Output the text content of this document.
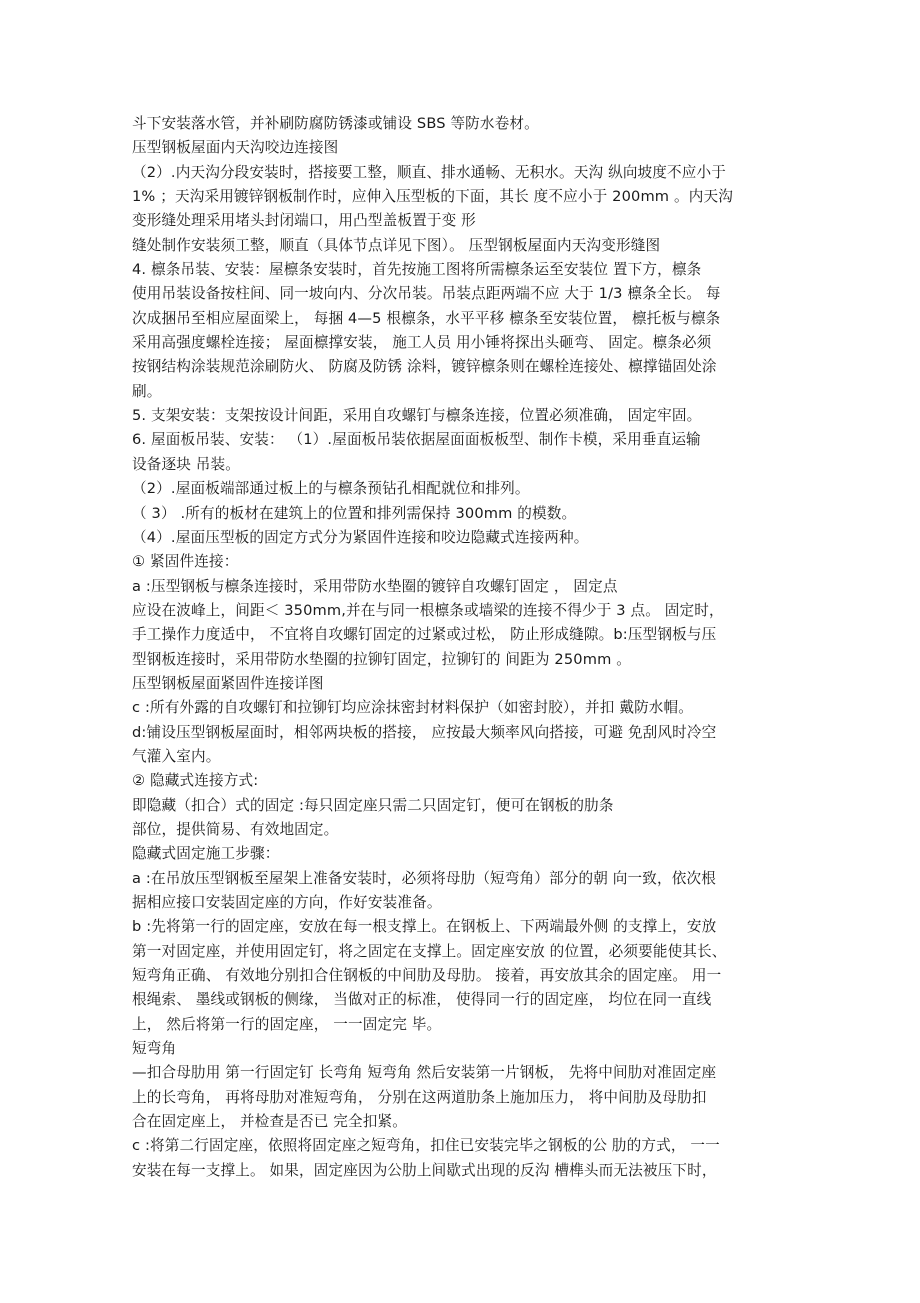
斗下安装落水管，并补刷防腐防锈漆或铺设 SBS 等防水卷材。
压型钢板屋面内天沟咬边连接图
（2）.内天沟分段安装时，搭接要工整，顺直、排水通畅、无积水。天沟 纵向坡度不应小于
1% ；天沟采用镀锌钢板制作时，应伸入压型板的下面，其长 度不应小于 200mm 。内天沟
变形缝处理采用堵头封闭端口，用凸型盖板置于变 形
缝处制作安装须工整，顺直（具体节点详见下图）。 压型钢板屋面内天沟变形缝图
4. 檩条吊装、安装：屋檩条安装时，首先按施工图将所需檩条运至安装位 置下方，檩条
使用吊装设备按柱间、同一坡向内、分次吊装。吊装点距两端不应 大于 1/3 檩条全长。 每
次成捆吊至相应屋面梁上， 每捆 4—5 根檩条，水平平移 檩条至安装位置， 檩托板与檩条
采用高强度螺栓连接； 屋面檩撑安装， 施工人员 用小锤将探出头砸弯、 固定。檩条必须
按钢结构涂装规范涂刷防火、 防腐及防锈 涂料，镀锌檩条则在螺栓连接处、檩撑锚固处涂
刷。
5. 支架安装：支架按设计间距，采用自攻螺钉与檩条连接，位置必须准确， 固定牢固。
6. 屋面板吊装、安装： （1）.屋面板吊装依据屋面面板板型、制作卡模，采用垂直运输
设备逐块 吊装。
（2）.屋面板端部通过板上的与檩条预钻孔相配就位和排列。
（ 3） .所有的板材在建筑上的位置和排列需保持 300mm 的模数。
（4）.屋面压型板的固定方式分为紧固件连接和咬边隐藏式连接两种。
① 紧固件连接：
a :压型钢板与檩条连接时，采用带防水垫圈的镀锌自攻螺钉固定 ， 固定点
应设在波峰上，间距＜ 350mm,并在与同一根檩条或墙梁的连接不得少于 3 点。 固定时，
手工操作力度适中， 不宜将自攻螺钉固定的过紧或过松， 防止形成缝隙。b:压型钢板与压
型钢板连接时，采用带防水垫圈的拉铆钉固定，拉铆钉的 间距为 250mm 。
压型钢板屋面紧固件连接详图
c :所有外露的自攻螺钉和拉铆钉均应涂抹密封材料保护（如密封胶），并扣 戴防水帽。
d:铺设压型钢板屋面时，相邻两块板的搭接， 应按最大频率风向搭接，可避 免刮风时冷空
气灌入室内。
② 隐藏式连接方式:
即隐藏（扣合）式的固定 :每只固定座只需二只固定钉，便可在钢板的肋条
部位，提供简易、有效地固定。
隐藏式固定施工步骤：
a :在吊放压型钢板至屋架上准备安装时，必须将母肋（短弯角）部分的朝 向一致，依次根
据相应接口安装固定座的方向，作好安装准备。
b :先将第一行的固定座，安放在每一根支撑上。在钢板上、下两端最外侧 的支撑上，安放
第一对固定座，并使用固定钉，将之固定在支撑上。固定座安放 的位置，必须要能使其长、
短弯角正确、 有效地分别扣合住钢板的中间肋及母肋。 接着，再安放其余的固定座。 用一
根绳索、 墨线或钢板的侧缘， 当做对正的标准， 使得同一行的固定座， 均位在同一直线
上， 然后将第一行的固定座， 一一固定完 毕。
短弯角
—扣合母肋用 第一行固定钉 长弯角 短弯角 然后安装第一片钢板， 先将中间肋对准固定座
上的长弯角， 再将母肋对准短弯角， 分别在这两道肋条上施加压力， 将中间肋及母肋扣
合在固定座上， 并检查是否已 完全扣紧。
c :将第二行固定座，依照将固定座之短弯角，扣住已安装完毕之钢板的公 肋的方式， 一一
安装在每一支撑上。 如果，固定座因为公肋上间歇式出现的反沟 槽榫头而无法被压下时，
